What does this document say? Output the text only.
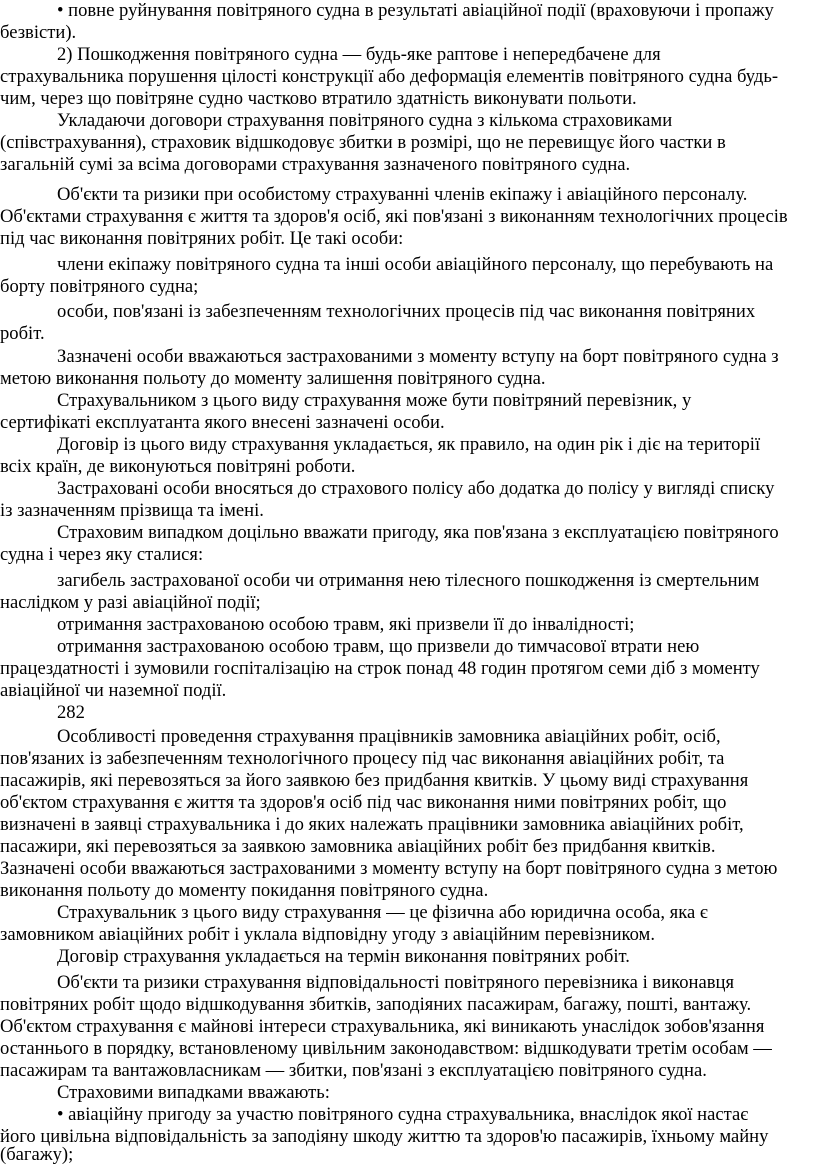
• повне руйнування повітряного судна в результаті авіаційної події (враховуючи і пропажу
безвісти).
2) Пошкодження повітряного судна — будь-яке раптове і непередбачене для
страхувальника порушення цілості конструкції або деформація елементів повітряного судна будь-
чим, через що повітряне судно частково втратило здатність виконувати польоти.
Укладаючи договори страхування повітряного судна з кількома страховиками
(співстрахування), страховик відшкодовує збитки в розмірі, що не перевищує його частки в
загальній сумі за всіма договорами страхування зазначеного повітряного судна.
Об'єкти та ризики при особистому страхуванні членів екіпажу і авіаційного персоналу.
Об'єктами страхування є життя та здоров'я осіб, які пов'язані з виконанням технологічних процесів
під час виконання повітряних робіт. Це такі особи:
члени екіпажу повітряного судна та інші особи авіаційного персоналу, що перебувають на
борту повітряного судна;
особи, пов'язані із забезпеченням технологічних процесів під час виконання повітряних
робіт.
Зазначені особи вважаються застрахованими з моменту вступу на борт повітряного судна з
метою виконання польоту до моменту залишення повітряного судна.
Страхувальником з цього виду страхування може бути повітряний перевізник, у
сертифікаті експлуатанта якого внесені зазначені особи.
Договір із цього виду страхування укладається, як правило, на один рік і діє на території
всіх країн, де виконуються повітряні роботи.
Застраховані особи вносяться до страхового полісу або додатка до полісу у вигляді списку
із зазначенням прізвища та імені.
Страховим випадком доцільно вважати пригоду, яка пов'язана з експлуатацією повітряного
судна і через яку сталися:
загибель застрахованої особи чи отримання нею тілесного пошкодження із смертельним
наслідком у разі авіаційної події;
отримання застрахованою особою травм, які призвели її до інвалідності;
отримання застрахованою особою травм, що призвели до тимчасової втрати нею
працездатності і зумовили госпіталізацію на строк понад 48 годин протягом семи діб з моменту
авіаційної чи наземної події.
282
Особливості проведення страхування працівників замовника авіаційних робіт, осіб,
пов'язаних із забезпеченням технологічного процесу під час виконання авіаційних робіт, та
пасажирів, які перевозяться за його заявкою без придбання квитків. У цьому виді страхування
об'єктом страхування є життя та здоров'я осіб під час виконання ними повітряних робіт, що
визначені в заявці страхувальника і до яких належать працівники замовника авіаційних робіт,
пасажири, які перевозяться за заявкою замовника авіаційних робіт без придбання квитків.
Зазначені особи вважаються застрахованими з моменту вступу на борт повітряного судна з метою
виконання польоту до моменту покидання повітряного судна.
Страхувальник з цього виду страхування — це фізична або юридична особа, яка є
замовником авіаційних робіт і уклала відповідну угоду з авіаційним перевізником.
Договір страхування укладається на термін виконання повітряних робіт.
Об'єкти та ризики страхування відповідальності повітряного перевізника і виконавця
повітряних робіт щодо відшкодування збитків, заподіяних пасажирам, багажу, пошті, вантажу.
Об'єктом страхування є майнові інтереси страхувальника, які виникають унаслідок зобов'язання
останнього в порядку, встановленому цивільним законодавством: відшкодувати третім особам —
пасажирам та вантажовласникам — збитки, пов'язані з експлуатацією повітряного судна.
Страховими випадками вважають:
• авіаційну пригоду за участю повітряного судна страхувальника, внаслідок якої настає
його цивільна відповідальність за заподіяну шкоду життю та здоров'ю пасажирів, їхньому майну
(багажу);
